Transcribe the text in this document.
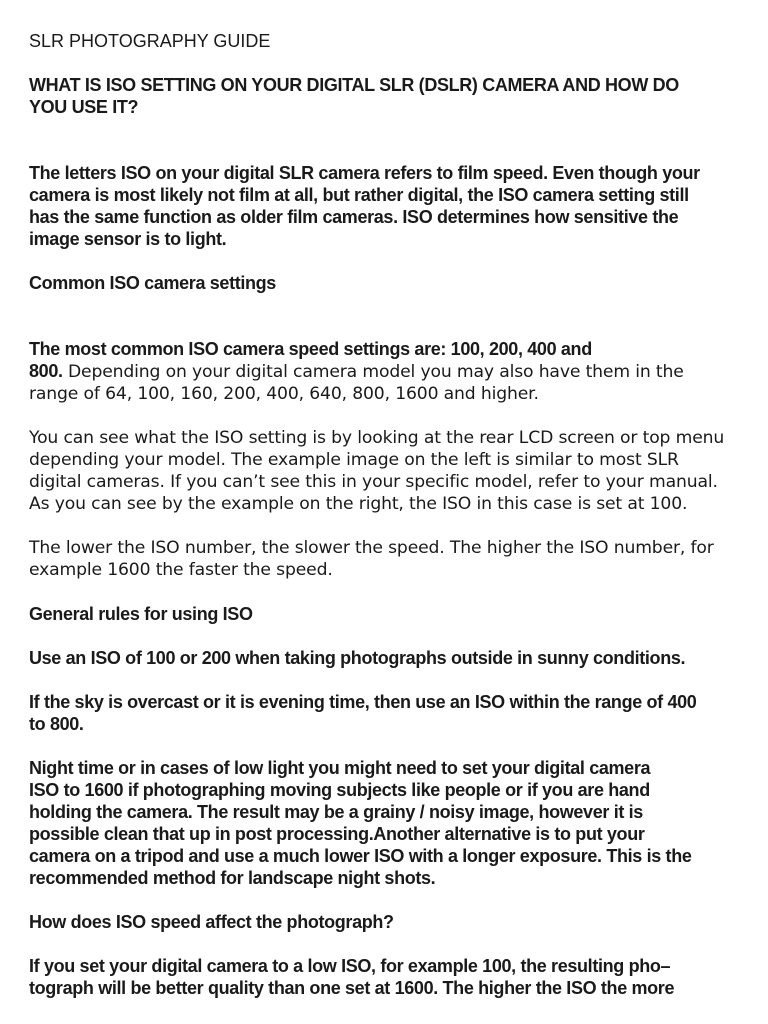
SLR PHOTOGRAPHY GUIDE
WHAT IS ISO SETTING ON YOUR DIGITAL SLR (DSLR) CAMERA AND HOW DO
YOU USE IT?
The letters ISO on your digital SLR camera refers to film speed. Even though your
camera is most likely not film at all, but rather digital, the ISO camera setting still
has the same function as older film cameras. ISO determines how sensitive the
image sensor is to light.
Common ISO camera settings
The most common ISO camera speed settings are: 100, 200, 400 and
800. Depending on your digital camera model you may also have them in the
range of 64, 100, 160, 200, 400, 640, 800, 1600 and higher.
You can see what the ISO setting is by looking at the rear LCD screen or top menu
depending your model. The example image on the left is similar to most SLR
digital cameras. If you can’t see this in your specific model, refer to your manual.
As you can see by the example on the right, the ISO in this case is set at 100.
The lower the ISO number, the slower the speed. The higher the ISO number, for
example 1600 the faster the speed.
General rules for using ISO
Use an ISO of 100 or 200 when taking photographs outside in sunny conditions.
If the sky is overcast or it is evening time, then use an ISO within the range of 400
to 800.
Night time or in cases of low light you might need to set your digital camera
ISO to 1600 if photographing moving subjects like people or if you are hand
holding the camera. The result may be a grainy / noisy image, however it is
possible clean that up in post processing.Another alternative is to put your
camera on a tripod and use a much lower ISO with a longer exposure. This is the
recommended method for landscape night shots.
How does ISO speed affect the photograph?
If you set your digital camera to a low ISO, for example 100, the resulting pho–
tograph will be better quality than one set at 1600. The higher the ISO the more
